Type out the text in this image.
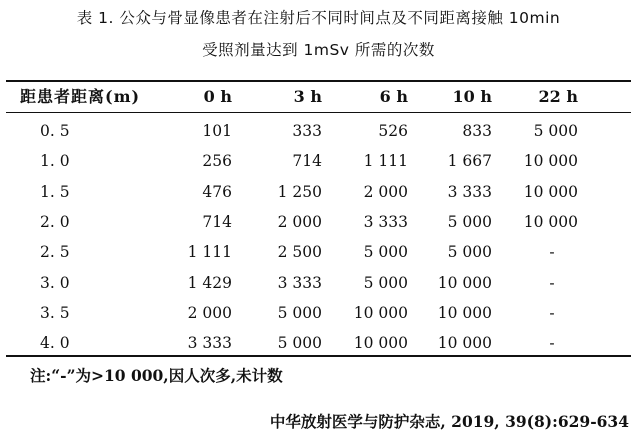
表 1. 公众与骨显像患者在注射后不同时间点及不同距离接触 10min
受照剂量达到 1mSv 所需的次数
距患者距离(m)	0 h	3 h	6 h	10 h	22 h
0. 5	101	333	526	833	5 000
1. 0	256	714	1 111	1 667	10 000
1. 5	476	1 250	2 000	3 333	10 000
2. 0	714	2 000	3 333	5 000	10 000
2. 5	1 111	2 500	5 000	5 000	-
3. 0	1 429	3 333	5 000	10 000	-
3. 5	2 000	5 000	10 000	10 000	-
4. 0	3 333	5 000	10 000	10 000	-
注:“-”为>10 000,因人次多,未计数
中华放射医学与防护杂志, 2019, 39(8):629-634
